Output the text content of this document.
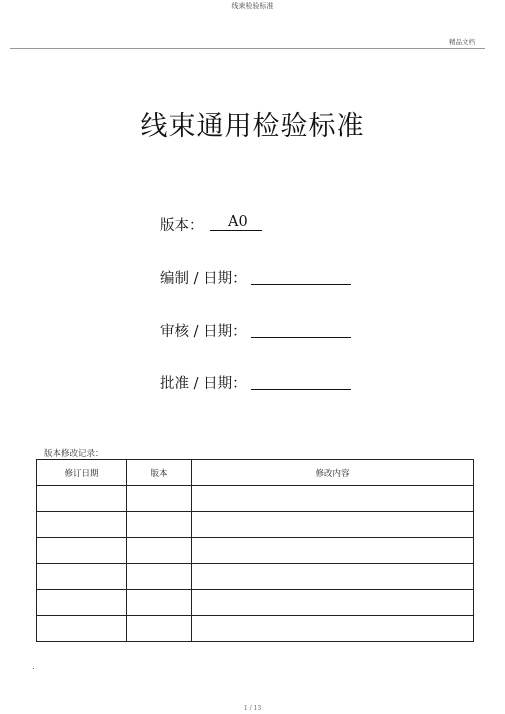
线束检验标准
精品文档
线束通用检验标准
版本： A0
编制 / 日期：
审核 / 日期：
批准 / 日期：
版本修改记录：
修订日期	版本	修改内容

1 / 13
